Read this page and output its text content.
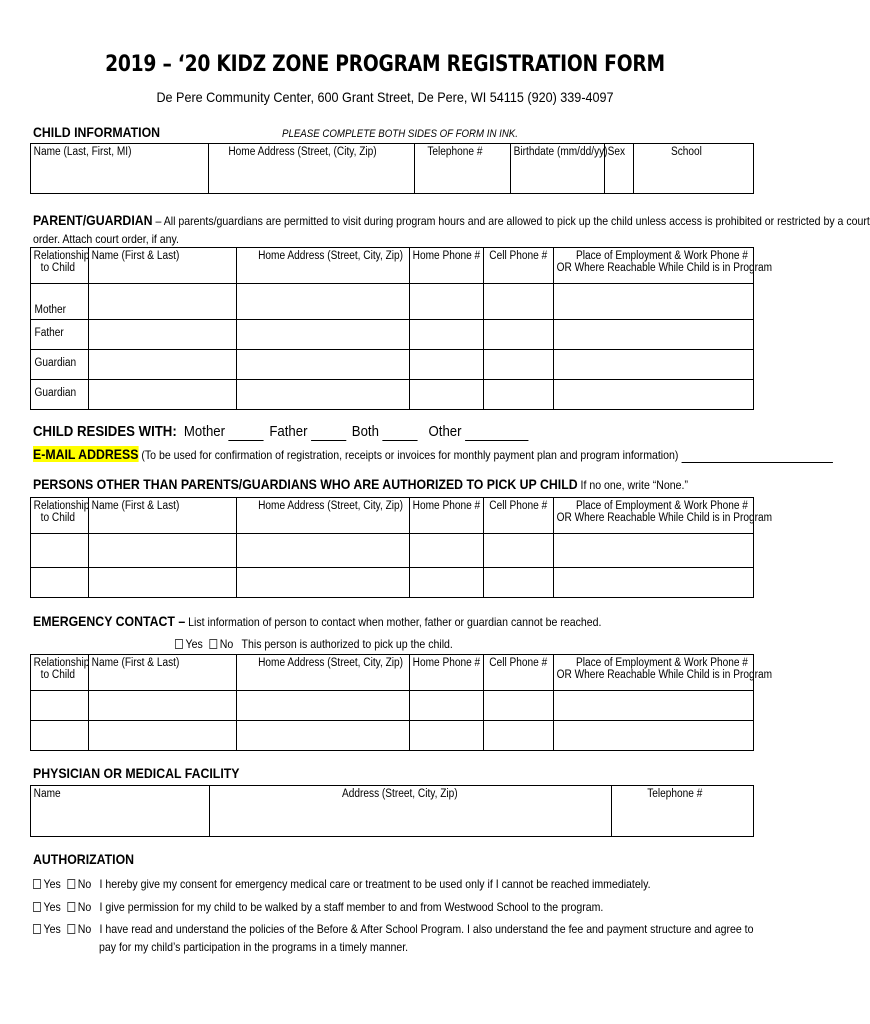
2019 – ‘20 KIDZ ZONE PROGRAM REGISTRATION FORM
De Pere Community Center, 600 Grant Street, De Pere, WI 54115 (920) 339-4097
CHILD INFORMATION	PLEASE COMPLETE BOTH SIDES OF FORM IN INK.
Name (Last, First, MI)	Home Address (Street, (City, Zip)	Telephone #	Birthdate (mm/dd/yy)	Sex	School
PARENT/GUARDIAN – All parents/guardians are permitted to visit during program hours and are allowed to pick up the child unless access is prohibited or restricted by a court
order. Attach court order, if any.
Relationship
to Child	Name (First & Last)	Home Address (Street, City, Zip)	Home Phone #	Cell Phone #	Place of Employment & Work Phone #
OR Where Reachable While Child is in Program

Mother					

Father					

Guardian					

Guardian					

CHILD RESIDES WITH: Mother	Father	Both	Other
E-MAIL ADDRESS (To be used for confirmation of registration, receipts or invoices for monthly payment plan and program information)
PERSONS OTHER THAN PARENTS/GUARDIANS WHO ARE AUTHORIZED TO PICK UP CHILD If no one, write “None.”
Relationship
to Child	Name (First & Last)	Home Address (Street, City, Zip)	Home Phone #	Cell Phone #	Place of Employment & Work Phone #
OR Where Reachable While Child is in Program

EMERGENCY CONTACT – List information of person to contact when mother, father or guardian cannot be reached.
Yes No This person is authorized to pick up the child.
Relationship
to Child	Name (First & Last)	Home Address (Street, City, Zip)	Home Phone #	Cell Phone #	Place of Employment & Work Phone #
OR Where Reachable While Child is in Program

PHYSICIAN OR MEDICAL FACILITY
Name	Address (Street, City, Zip)	Telephone #
AUTHORIZATION
Yes No I hereby give my consent for emergency medical care or treatment to be used only if I cannot be reached immediately.
Yes No I give permission for my child to be walked by a staff member to and from Westwood School to the program.
Yes No I have read and understand the policies of the Before & After School Program. I also understand the fee and payment structure and agree to
pay for my child’s participation in the programs in a timely manner.
